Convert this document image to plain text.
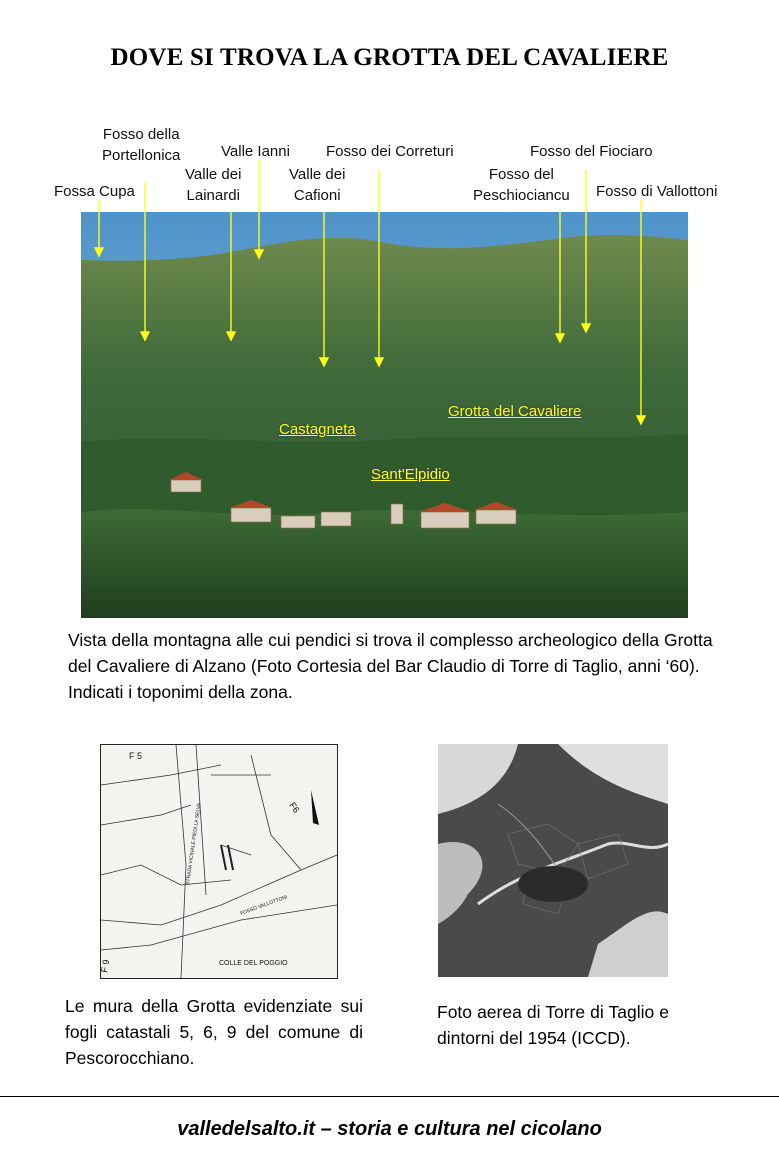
DOVE SI TROVA LA GROTTA DEL CAVALIERE
Fossa Cupa
Fosso della
Portellonica
Valle dei
Lainardi
Valle Ianni
Valle dei
Cafioni
Fosso dei Correturi
Fosso del
Peschiociancu
Fosso del Fiociaro
Fosso di Vallottoni
Grotta del Cavaliere
Castagneta
Sant'Elpidio
Vista della montagna alle cui pendici si trova il complesso archeologico della Grotta del Cavaliere di Alzano (Foto Cortesia del Bar Claudio di Torre di Taglio, anni ‘60). Indicati i toponimi della zona.
F 5
F6
F 9	COLLE DEL POGGIO
STRADA VICINALE PIEDI LA SELVA
FOSSO VALLOTTONI
Le mura della Grotta evidenziate sui fogli catastali 5, 6, 9 del comune di Pescorocchiano.
Foto aerea di Torre di Taglio e dintorni del 1954 (ICCD).
valledelsalto.it – storia e cultura nel cicolano
